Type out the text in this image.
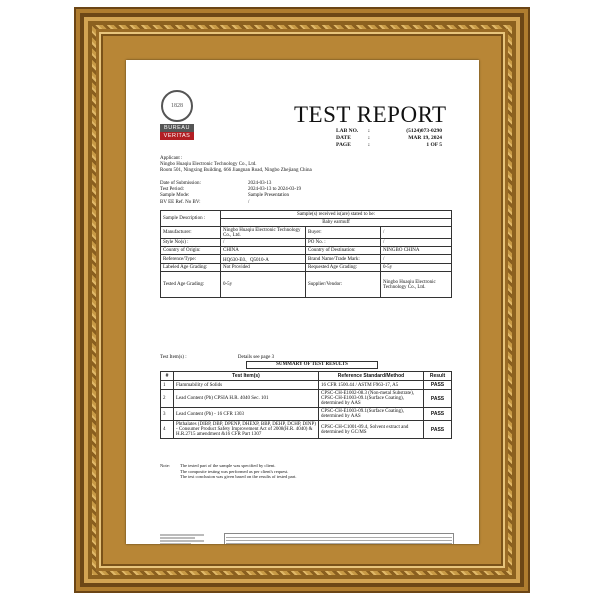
1828
BUREAU
VERITAS
TEST REPORT
LAB NO.	:	(5124)073-0290
DATE	:	MAR 19, 2024
PAGE	:	1 OF 5
Applicant :
Ningbo Huaqiu Electronic Technology Co., Ltd.
Room 501, Ningxing Building, 666 Jiangnan Road, Ningbo Zhejiang China
Date of Submission:	2024-03-13
Test Period:	2024-03-13 to 2024-03-19
Sample Mode:	Sample Presentation
BV EE Ref. No BV:	/
Sample Description :	Sample(s) received is(are) stated to be:		
	Baby earmuff		
Manufacturer:	Ningbo Huaqiu Electronic Technology Co., Ltd.	Buyer:	/
Style No(s) :	/	PO No. :	/
Country of Origin:	CHINA	Country of Destination:	NINGBO CHINA
Reference/Type:	HQ630-E0、Q5010-A	Brand Name/Trade Mark:	/
Labeled Age Grading:	Not Provided	Requested Age Grading:	0-5y
Tested Age Grading:	0-5y	Supplier/Vendor:	Ningbo Huaqiu Electronic Technology Co., Ltd.
Test Item(s) :	Details see page 3
SUMMARY OF TEST RESULTS
#	Test Item(s)	Reference Standard/Method	Result
1	Flammability of Solids	16 CFR 1500.44 / ASTM F963-17, A5	PASS
2	Lead Content (Pb) CPSIA H.R. 4040 Sec. 101	CPSC-CH-E1002-08.3 (Non-metal Substrate), CPSC-CH-E1003-09.1(Surface Coating), determined by AAS	PASS
3	Lead Content (Pb) - 16 CFR 1303	CPSC-CH-E1003-09.1(Surface Coating), determined by AAS	PASS
4	Phthalates (DIBP, DBP, DPENP, DHEXP, BBP, DEHP, DCHP, DINP) - Consumer Product Safety Improvement Act of 2008(H.R. 4040) & H.R.2715 amendment &16 CFR Part 1307	CPSC-CH-C1001-09.4, Solvent extract and determined by GC/MS	PASS
Note:	The tested part of the sample was specified by client.
The composite testing was performed as per client's request.
The test conclusion was given based on the results of tested part.
